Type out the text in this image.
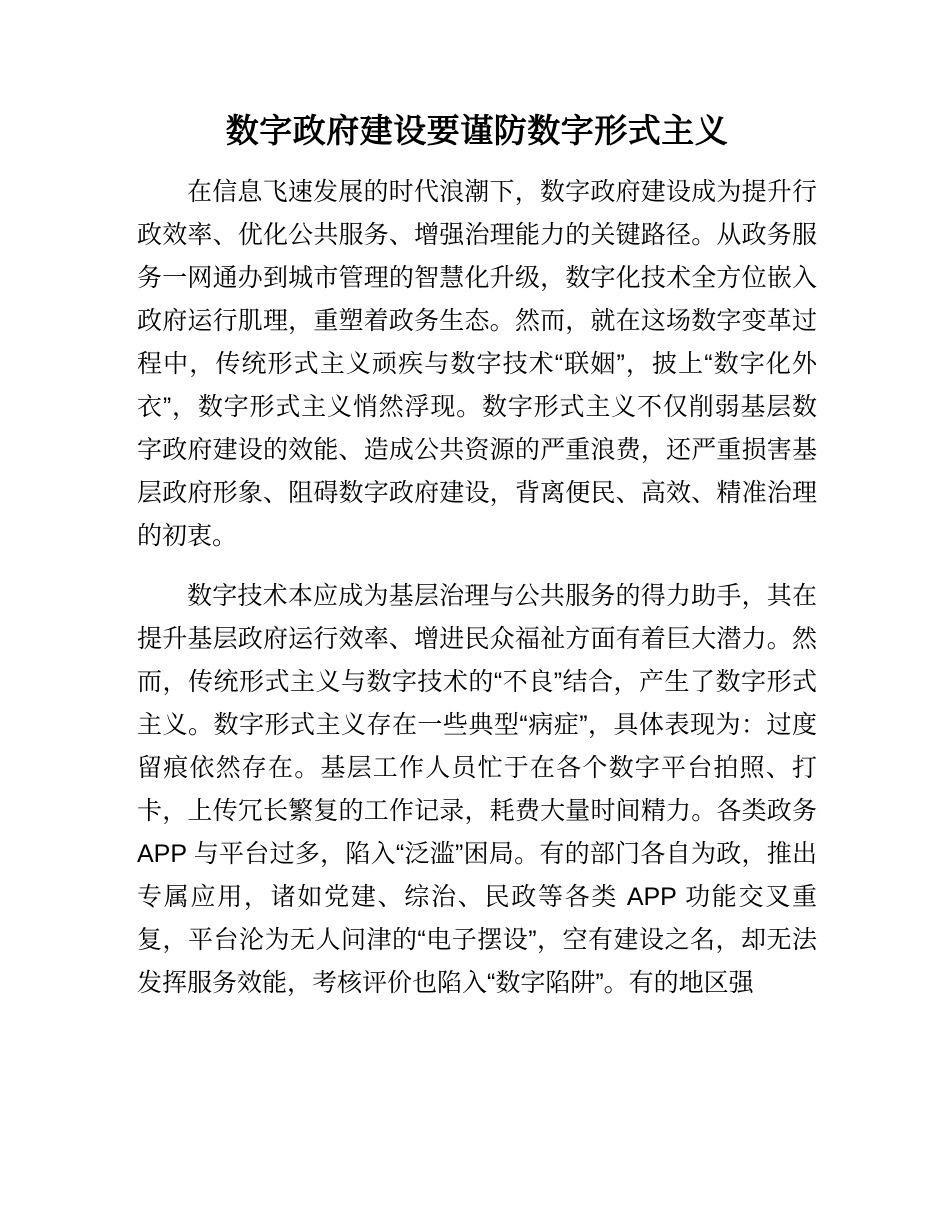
数字政府建设要谨防数字形式主义

在信息飞速发展的时代浪潮下，数字政府建设成为提升行政效率、优化公共服务、增强治理能力的关键路径。从政务服务一网通办到城市管理的智慧化升级，数字化技术全方位嵌入政府运行肌理，重塑着政务生态。然而，就在这场数字变革过程中，传统形式主义顽疾与数字技术“联姻”，披上“数字化外衣”，数字形式主义悄然浮现。数字形式主义不仅削弱基层数字政府建设的效能、造成公共资源的严重浪费，还严重损害基层政府形象、阻碍数字政府建设，背离便民、高效、精准治理的初衷。

数字技术本应成为基层治理与公共服务的得力助手，其在提升基层政府运行效率、增进民众福祉方面有着巨大潜力。然而，传统形式主义与数字技术的“不良”结合，产生了数字形式主义。数字形式主义存在一些典型“病症”，具体表现为：过度留痕依然存在。基层工作人员忙于在各个数字平台拍照、打卡，上传冗长繁复的工作记录，耗费大量时间精力。各类政务 APP 与平台过多，陷入“泛滥”困局。有的部门各自为政，推出专属应用，诸如党建、综治、民政等各类 APP 功能交叉重复，平台沦为无人问津的“电子摆设”，空有建设之名，却无法发挥服务效能，考核评价也陷入“数字陷阱”。有的地区强
